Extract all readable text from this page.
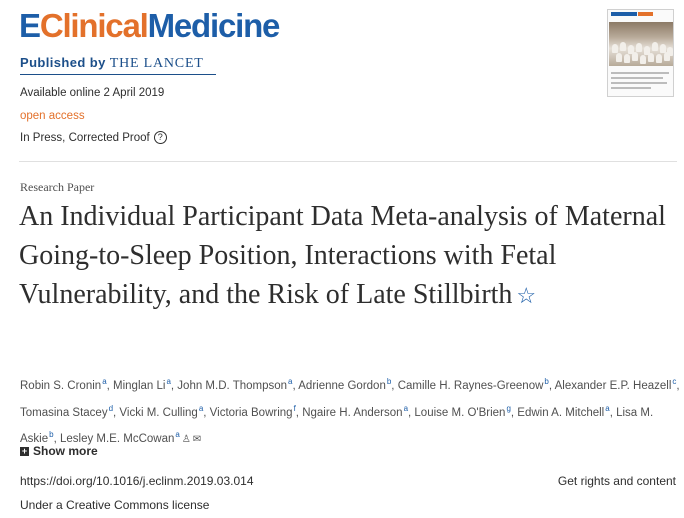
EClinicalMedicine
Published by THE LANCET
Available online 2 April 2019
open access
In Press, Corrected Proof ?
Research Paper
An Individual Participant Data Meta-analysis of Maternal Going-to-Sleep Position, Interactions with Fetal Vulnerability, and the Risk of Late Stillbirth ☆
Robin S. Cronin$^a$, Minglan Li$^a$, John M.D. Thompson$^a$, Adrienne Gordon$^b$, Camille H. Raynes-Greenow$^b$, Alexander E.P. Heazell$^c$, Tomasina Stacey$^d$, Vicki M. Culling$^a$, Victoria Bowring$^f$, Ngaire H. Anderson$^a$, Louise M. O'Brien$^g$, Edwin A. Mitchell$^a$, Lisa M. Askie$^b$, Lesley M.E. McCowan$^a$ ♙ ✉
+ Show more
https://doi.org/10.1016/j.eclinm.2019.03.014	Get rights and content
Under a Creative Commons license
